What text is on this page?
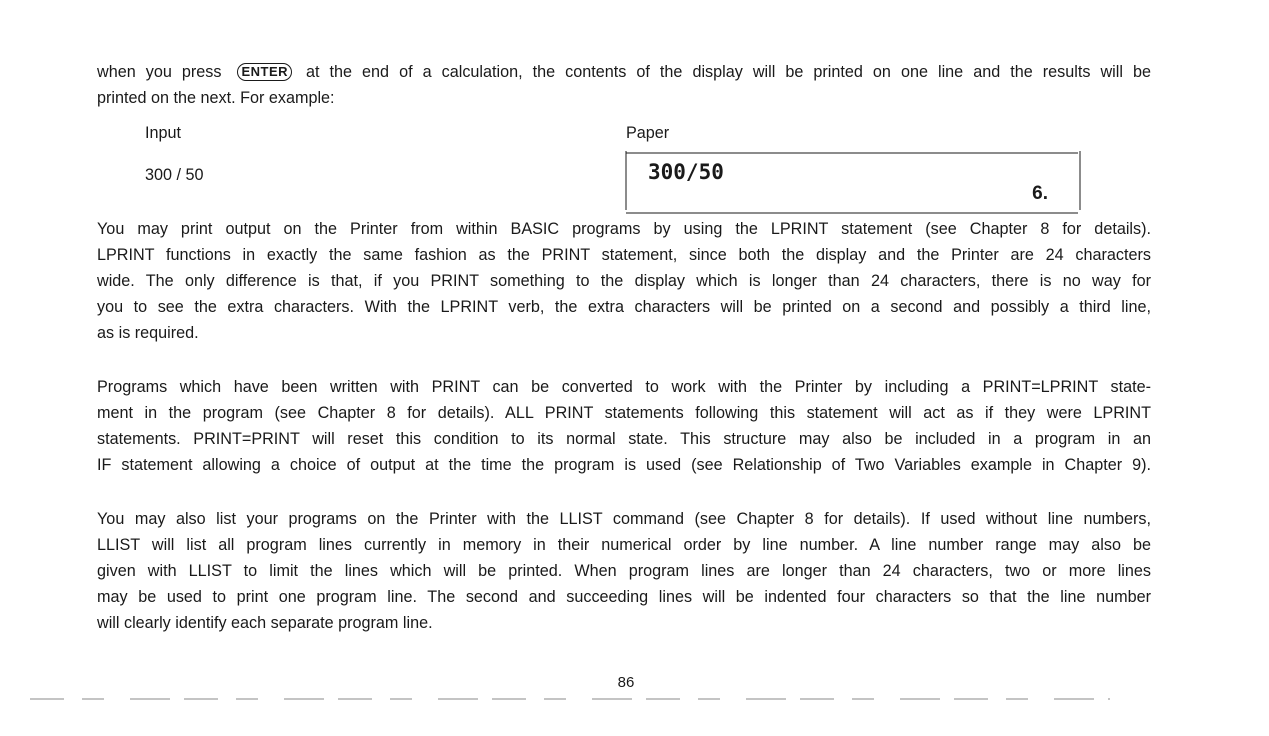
when you press ENTER at the end of a calculation, the contents of the display will be printed on one line and the results will be
printed on the next. For example:

Input	Paper
300 / 50	300/50
6.

You may print output on the Printer from within BASIC programs by using the LPRINT statement (see Chapter 8 for details).
LPRINT functions in exactly the same fashion as the PRINT statement, since both the display and the Printer are 24 characters
wide. The only difference is that, if you PRINT something to the display which is longer than 24 characters, there is no way for
you to see the extra characters. With the LPRINT verb, the extra characters will be printed on a second and possibly a third line,
as is required.

Programs which have been written with PRINT can be converted to work with the Printer by including a PRINT=LPRINT state-
ment in the program (see Chapter 8 for details). ALL PRINT statements following this statement will act as if they were LPRINT
statements. PRINT=PRINT will reset this condition to its normal state. This structure may also be included in a program in an
IF statement allowing a choice of output at the time the program is used (see Relationship of Two Variables example in Chapter 9).

You may also list your programs on the Printer with the LLIST command (see Chapter 8 for details). If used without line numbers,
LLIST will list all program lines currently in memory in their numerical order by line number. A line number range may also be
given with LLIST to limit the lines which will be printed. When program lines are longer than 24 characters, two or more lines
may be used to print one program line. The second and succeeding lines will be indented four characters so that the line number
will clearly identify each separate program line.

86
